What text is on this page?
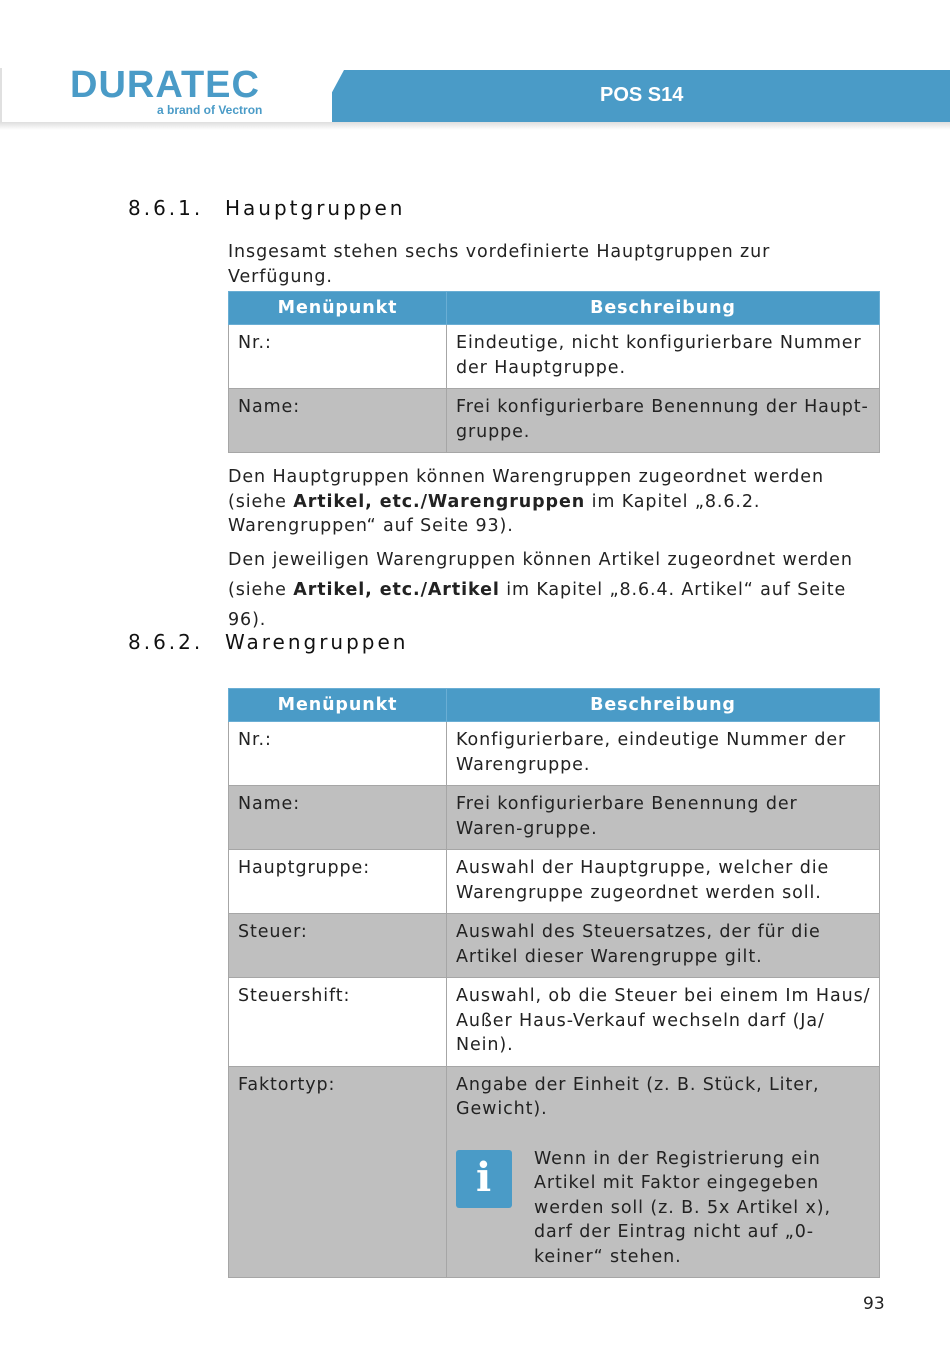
DURATEC
a brand of Vectron
POS S14
8.6.1. Hauptgruppen
Insgesamt stehen sechs vordefinierte Hauptgruppen zur Verfügung.
Menüpunkt	Beschreibung
Nr.:	Eindeutige, nicht konfigurierbare Nummer der Hauptgruppe.
Name:	Frei konfigurierbare Benennung der Haupt-gruppe.
Den Hauptgruppen können Warengruppen zugeordnet werden (siehe Artikel, etc./Warengruppen im Kapitel „8.6.2. Warengruppen“ auf Seite 93).
Den jeweiligen Warengruppen können Artikel zugeordnet werden (siehe Artikel, etc./Artikel im Kapitel „8.6.4. Artikel“ auf Seite 96).
8.6.2. Warengruppen
Menüpunkt	Beschreibung
Nr.:	Konfigurierbare, eindeutige Nummer der Warengruppe.
Name:	Frei konfigurierbare Benennung der Waren-gruppe.
Hauptgruppe:	Auswahl der Hauptgruppe, welcher die Warengruppe zugeordnet werden soll.
Steuer:	Auswahl des Steuersatzes, der für die Artikel dieser Warengruppe gilt.
Steuershift:	Auswahl, ob die Steuer bei einem Im Haus/ Außer Haus-Verkauf wechseln darf (Ja/ Nein).
Faktortyp:	Angabe der Einheit (z. B. Stück, Liter, Gewicht).
i Wenn in der Registrierung ein Artikel mit Faktor eingegeben werden soll (z. B. 5x Artikel x), darf der Eintrag nicht auf „0-keiner“ stehen.
93
